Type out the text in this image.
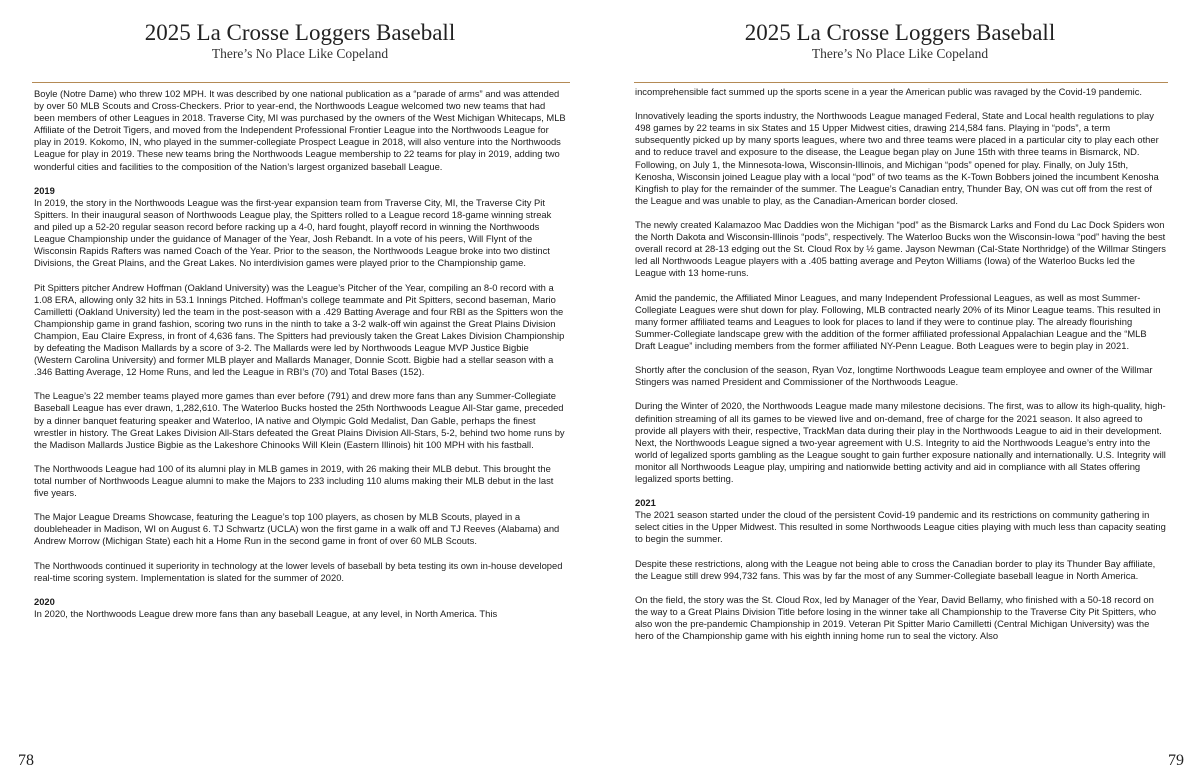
2025 La Crosse Loggers Baseball
There’s No Place Like Copeland

Boyle (Notre Dame) who threw 102 MPH. It was described by one national publication as a “parade of arms” and was attended by over 50 MLB Scouts and Cross-Checkers. Prior to year-end, the Northwoods League welcomed two new teams that had been members of other Leagues in 2018. Traverse City, MI was purchased by the owners of the West Michigan Whitecaps, MLB Affiliate of the Detroit Tigers, and moved from the Independent Professional Frontier League into the Northwoods League for play in 2019. Kokomo, IN, who played in the summer-collegiate Prospect League in 2018, will also venture into the Northwoods League for play in 2019. These new teams bring the Northwoods League membership to 22 teams for play in 2019, adding two wonderful cities and facilities to the composition of the Nation’s largest organized baseball League.

2019

In 2019, the story in the Northwoods League was the first-year expansion team from Traverse City, MI, the Traverse City Pit Spitters. In their inaugural season of Northwoods League play, the Spitters rolled to a League record 18-game winning streak and piled up a 52-20 regular season record before racking up a 4-0, hard fought, playoff record in winning the Northwoods League Championship under the guidance of Manager of the Year, Josh Rebandt. In a vote of his peers, Will Flynt of the Wisconsin Rapids Rafters was named Coach of the Year. Prior to the season, the Northwoods League broke into two distinct Divisions, the Great Plains, and the Great Lakes. No interdivision games were played prior to the Championship game.

Pit Spitters pitcher Andrew Hoffman (Oakland University) was the League’s Pitcher of the Year, compiling an 8-0 record with a 1.08 ERA, allowing only 32 hits in 53.1 Innings Pitched. Hoffman’s college teammate and Pit Spitters, second baseman, Mario Camilletti (Oakland University) led the team in the post-season with a .429 Batting Average and four RBI as the Spitters won the Championship game in grand fashion, scoring two runs in the ninth to take a 3-2 walk-off win against the Great Plains Division Champion, Eau Claire Express, in front of 4,636 fans. The Spitters had previously taken the Great Lakes Division Championship by defeating the Madison Mallards by a score of 3-2. The Mallards were led by Northwoods League MVP Justice Bigbie (Western Carolina University) and former MLB player and Mallards Manager, Donnie Scott. Bigbie had a stellar season with a .346 Batting Average, 12 Home Runs, and led the League in RBI’s (70) and Total Bases (152).

The League’s 22 member teams played more games than ever before (791) and drew more fans than any Summer-Collegiate Baseball League has ever drawn, 1,282,610. The Waterloo Bucks hosted the 25th Northwoods League All-Star game, preceded by a dinner banquet featuring speaker and Waterloo, IA native and Olympic Gold Medalist, Dan Gable, perhaps the finest wrestler in history. The Great Lakes Division All-Stars defeated the Great Plains Division All-Stars, 5-2, behind two home runs by the Madison Mallards Justice Bigbie as the Lakeshore Chinooks Will Klein (Eastern Illinois) hit 100 MPH with his fastball.

The Northwoods League had 100 of its alumni play in MLB games in 2019, with 26 making their MLB debut. This brought the total number of Northwoods League alumni to make the Majors to 233 including 110 alums making their MLB debut in the last five years.

The Major League Dreams Showcase, featuring the League’s top 100 players, as chosen by MLB Scouts, played in a doubleheader in Madison, WI on August 6. TJ Schwartz (UCLA) won the first game in a walk off and TJ Reeves (Alabama) and Andrew Morrow (Michigan State) each hit a Home Run in the second game in front of over 60 MLB Scouts.

The Northwoods continued it superiority in technology at the lower levels of baseball by beta testing its own in-house developed real-time scoring system. Implementation is slated for the summer of 2020.

2020

In 2020, the Northwoods League drew more fans than any baseball League, at any level, in North America. This

78
2025 La Crosse Loggers Baseball
There’s No Place Like Copeland

incomprehensible fact summed up the sports scene in a year the American public was ravaged by the Covid-19 pandemic.

Innovatively leading the sports industry, the Northwoods League managed Federal, State and Local health regulations to play 498 games by 22 teams in six States and 15 Upper Midwest cities, drawing 214,584 fans. Playing in “pods”, a term subsequently picked up by many sports leagues, where two and three teams were placed in a particular city to play each other and to reduce travel and exposure to the disease, the League began play on June 15th with three teams in Bismarck, ND. Following, on July 1, the Minnesota-Iowa, Wisconsin-Illinois, and Michigan “pods” opened for play. Finally, on July 15th, Kenosha, Wisconsin joined League play with a local “pod” of two teams as the K-Town Bobbers joined the incumbent Kenosha Kingfish to play for the remainder of the summer. The League’s Canadian entry, Thunder Bay, ON was cut off from the rest of the League and was unable to play, as the Canadian-American border closed.

The newly created Kalamazoo Mac Daddies won the Michigan “pod” as the Bismarck Larks and Fond du Lac Dock Spiders won the North Dakota and Wisconsin-Illinois “pods”, respectively. The Waterloo Bucks won the Wisconsin-Iowa “pod” having the best overall record at 28-13 edging out the St. Cloud Rox by ½ game. Jayson Newman (Cal-State Northridge) of the Willmar Stingers led all Northwoods League players with a .405 batting average and Peyton Williams (Iowa) of the Waterloo Bucks led the League with 13 home-runs.

Amid the pandemic, the Affiliated Minor Leagues, and many Independent Professional Leagues, as well as most Summer-Collegiate Leagues were shut down for play. Following, MLB contracted nearly 20% of its Minor League teams. This resulted in many former affiliated teams and Leagues to look for places to land if they were to continue play. The already flourishing Summer-Collegiate landscape grew with the addition of the former affiliated professional Appalachian League and the “MLB Draft League” including members from the former affiliated NY-Penn League. Both Leagues were to begin play in 2021.

Shortly after the conclusion of the season, Ryan Voz, longtime Northwoods League team employee and owner of the Willmar Stingers was named President and Commissioner of the Northwoods League.

During the Winter of 2020, the Northwoods League made many milestone decisions. The first, was to allow its high-quality, high-definition streaming of all its games to be viewed live and on-demand, free of charge for the 2021 season. It also agreed to provide all players with their, respective, TrackMan data during their play in the Northwoods League to aid in their development. Next, the Northwoods League signed a two-year agreement with U.S. Integrity to aid the Northwoods League’s entry into the world of legalized sports gambling as the League sought to gain further exposure nationally and internationally. U.S. Integrity will monitor all Northwoods League play, umpiring and nationwide betting activity and aid in compliance with all States offering legalized sports betting.

2021

The 2021 season started under the cloud of the persistent Covid-19 pandemic and its restrictions on community gathering in select cities in the Upper Midwest. This resulted in some Northwoods League cities playing with much less than capacity seating to begin the summer.

Despite these restrictions, along with the League not being able to cross the Canadian border to play its Thunder Bay affiliate, the League still drew 994,732 fans. This was by far the most of any Summer-Collegiate baseball league in North America.

On the field, the story was the St. Cloud Rox, led by Manager of the Year, David Bellamy, who finished with a 50-18 record on the way to a Great Plains Division Title before losing in the winner take all Championship to the Traverse City Pit Spitters, who also won the pre-pandemic Championship in 2019. Veteran Pit Spitter Mario Camilletti (Central Michigan University) was the hero of the Championship game with his eighth inning home run to seal the victory. Also

79
